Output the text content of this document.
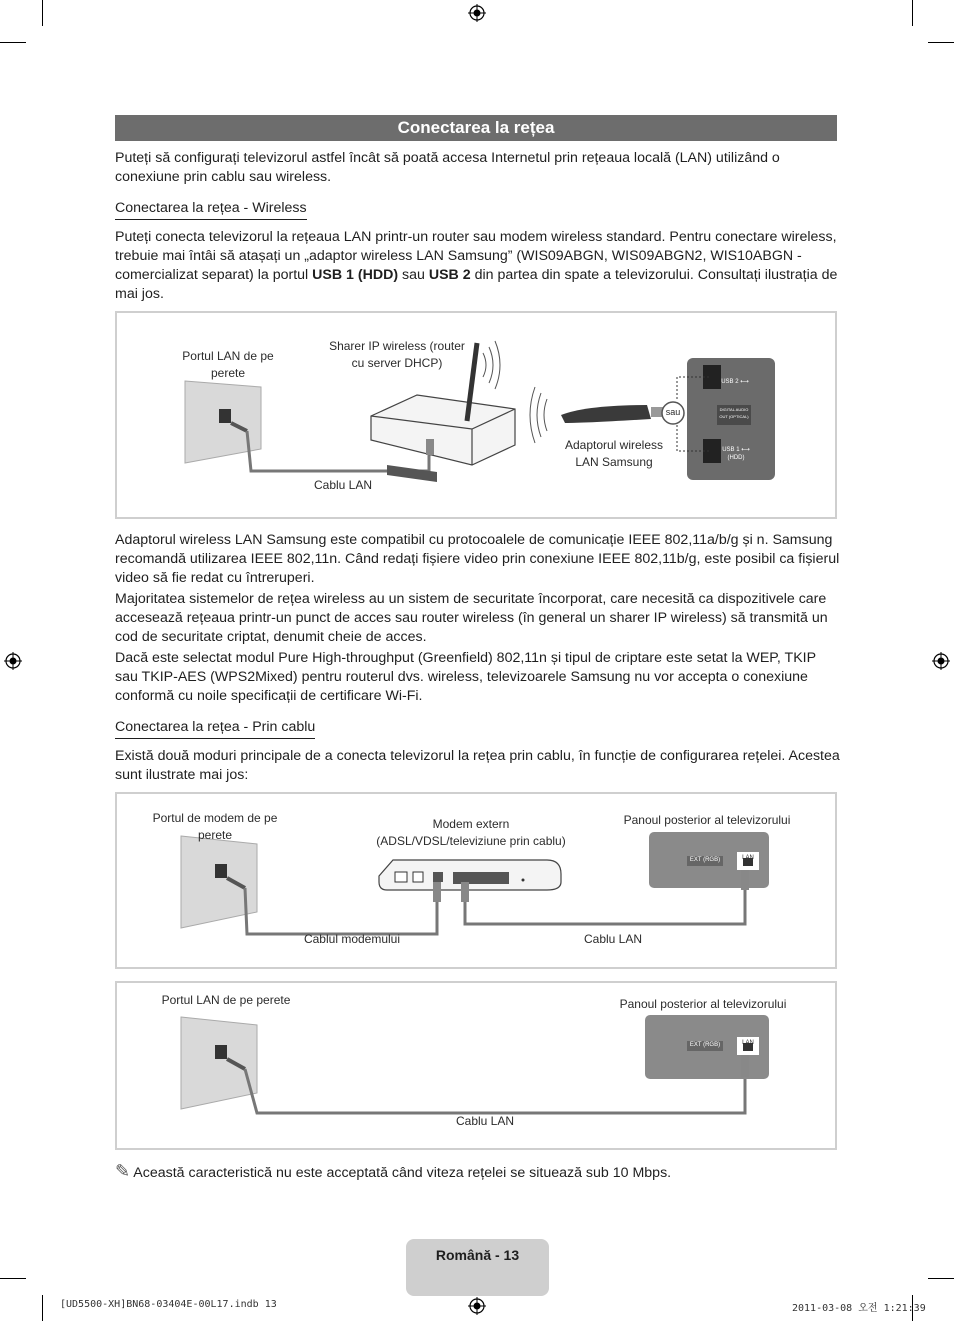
Conectarea la rețea
Puteți să configurați televizorul astfel încât să poată accesa Internetul prin rețeaua locală (LAN) utilizând o conexiune prin cablu sau wireless.
Conectarea la rețea - Wireless
Puteți conecta televizorul la rețeaua LAN printr-un router sau modem wireless standard. Pentru conectare wireless, trebuie mai întâi să atașați un „adaptor wireless LAN Samsung” (WIS09ABGN, WIS09ABGN2, WIS10ABGN - comercializat separat) la portul USB 1 (HDD) sau USB 2 din partea din spate a televizorului. Consultați ilustrația de mai jos.
Portul LAN de pe perete
Sharer IP wireless (router cu server DHCP)
Adaptorul wireless LAN Samsung
Cablu LAN
sau
USB 2 ⟷
USB 1 ⟷ (HDD)
DIGITAL AUDIO OUT (OPTICAL)
Adaptorul wireless LAN Samsung este compatibil cu protocoalele de comunicație IEEE 802,11a/b/g și n. Samsung recomandă utilizarea IEEE 802,11n. Când redați fișiere video prin conexiune IEEE 802,11b/g, este posibil ca fișierul video să fie redat cu întreruperi.
Majoritatea sistemelor de rețea wireless au un sistem de securitate încorporat, care necesită ca dispozitivele care accesează rețeaua printr-un punct de acces sau router wireless (în general un sharer IP wireless) să transmită un cod de securitate criptat, denumit cheie de acces.
Dacă este selectat modul Pure High-throughput (Greenfield) 802,11n și tipul de criptare este setat la WEP, TKIP sau TKIP-AES (WPS2Mixed) pentru routerul dvs. wireless, televizoarele Samsung nu vor accepta o conexiune conformă cu noile specificații de certificare Wi-Fi.
Conectarea la rețea - Prin cablu
Există două moduri principale de a conecta televizorul la rețea prin cablu, în funcție de configurarea rețelei. Acestea sunt ilustrate mai jos:
Portul de modem de pe perete
Modem extern (ADSL/VDSL/televiziune prin cablu)
Panoul posterior al televizorului
Cablul modemului	Cablu LAN
EXT (RGB)	LAN
Portul LAN de pe perete	Panoul posterior al televizorului
Cablu LAN
EXT (RGB)	LAN
✎ Această caracteristică nu este acceptată când viteza rețelei se situează sub 10 Mbps.
Română - 13
[UD5500-XH]BN68-03404E-00L17.indb 13	2011-03-08 오전 1:21:39
